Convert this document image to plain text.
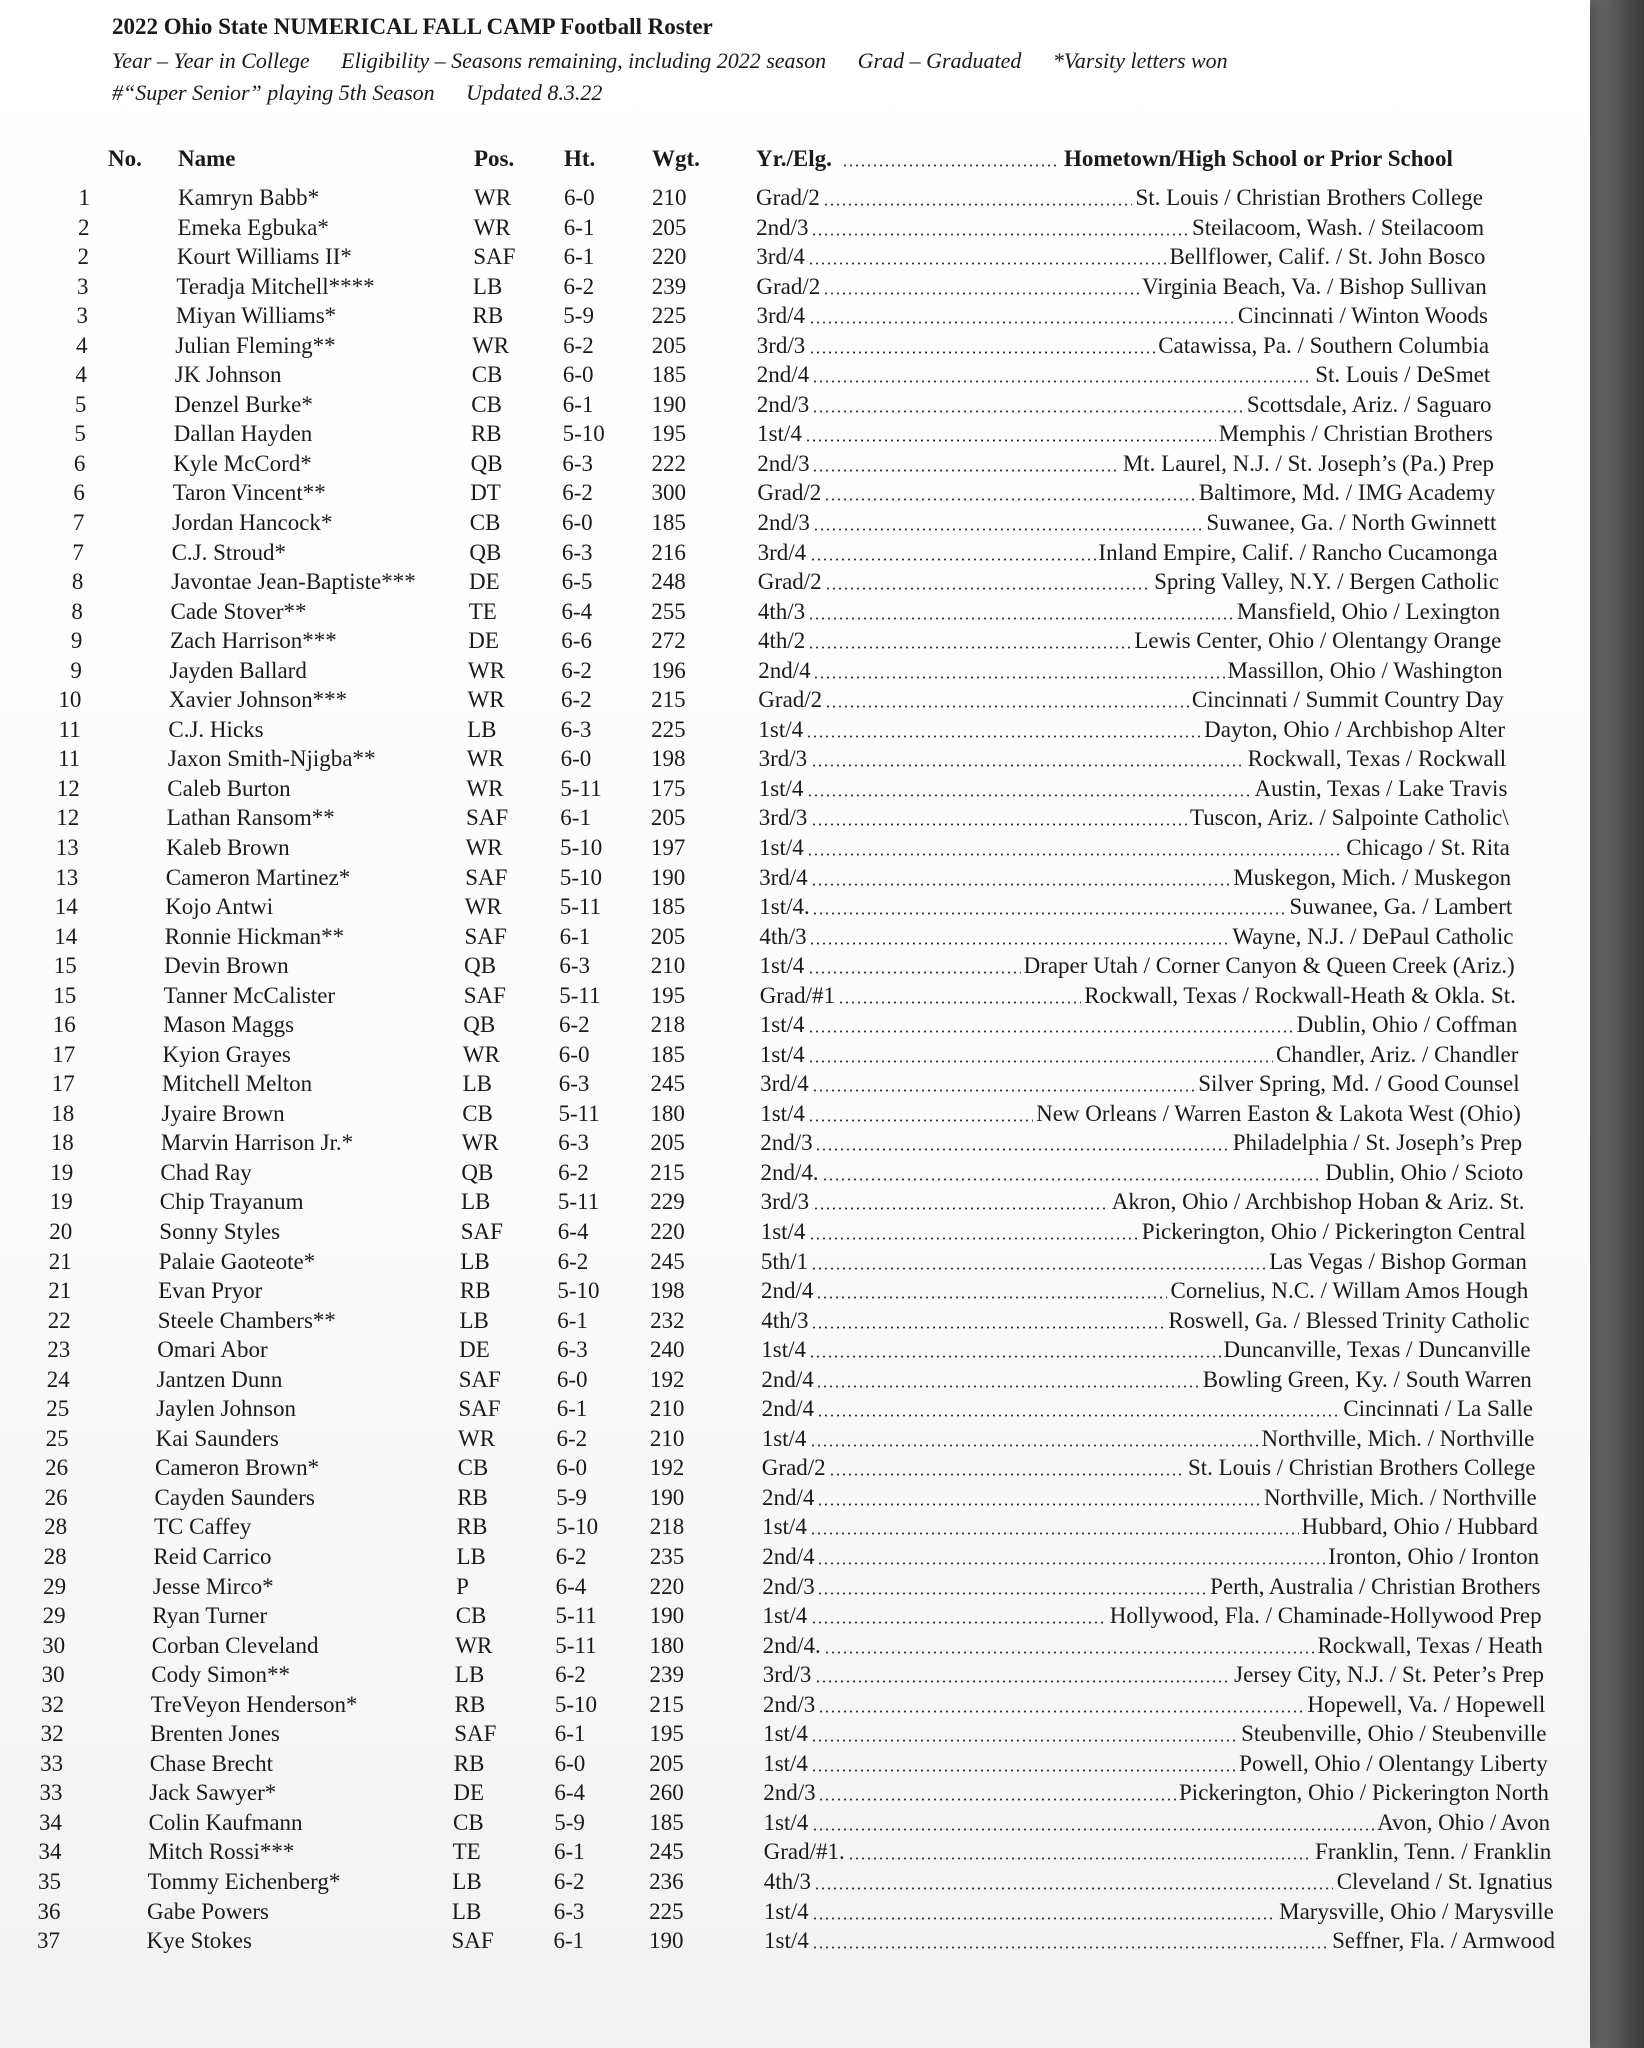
2022 Ohio State NUMERICAL FALL CAMP Football Roster
Year – Year in College Eligibility – Seasons remaining, including 2022 season Grad – Graduated *Varsity letters won
#“Super Senior” playing 5th Season Updated 8.3.22
No. Name	Pos. Ht. Wgt. Yr./Elg.	Hometown/High School or Prior School
1	Kamryn Babb*	WR 6-0 210	Grad/2	St. Louis / Christian Brothers College
2	Emeka Egbuka*	WR 6-1 205	2nd/3	Steilacoom, Wash. / Steilacoom
2	Kourt Williams II*	SAF 6-1	220	3rd/4	Bellflower, Calif. / St. John Bosco
3	Teradja Mitchell****	LB	6-2	239	Grad/2	Virginia Beach, Va. / Bishop Sullivan
3	Miyan Williams*	RB	5-9	225	3rd/4	Cincinnati / Winton Woods
4	Julian Fleming**	WR 6-2	205	3rd/3	Catawissa, Pa. / Southern Columbia
4	JK Johnson	CB	6-0	185	2nd/4	St. Louis / DeSmet
5	Denzel Burke*	CB	6-1	190	2nd/3	Scottsdale, Ariz. / Saguaro
5	Dallan Hayden	RB	5-10 195	1st/4	Memphis / Christian Brothers
6	Kyle McCord*	QB	6-3	222	2nd/3	Mt. Laurel, N.J. / St. Joseph’s (Pa.) Prep
6	Taron Vincent**	DT	6-2	300	Grad/2	Baltimore, Md. / IMG Academy
7	Jordan Hancock*	CB	6-0	185	2nd/3	Suwanee, Ga. / North Gwinnett
7	C.J. Stroud*	QB	6-3	216	3rd/4	Inland Empire, Calif. / Rancho Cucamonga
8	Javontae Jean-Baptiste*** DE	6-5	248	Grad/2	Spring Valley, N.Y. / Bergen Catholic
8	Cade Stover**	TE	6-4	255	4th/3	Mansfield, Ohio / Lexington
9	Zach Harrison***	DE	6-6	272	4th/2	Lewis Center, Ohio / Olentangy Orange
9	Jayden Ballard	WR 6-2	196	2nd/4	Massillon, Ohio / Washington
10	Xavier Johnson***	WR 6-2	215	Grad/2	Cincinnati / Summit Country Day
11	C.J. Hicks	LB	6-3	225	1st/4	Dayton, Ohio / Archbishop Alter
11	Jaxon Smith-Njigba**	WR 6-0	198	3rd/3	Rockwall, Texas / Rockwall
12	Caleb Burton	WR 5-11 175	1st/4	Austin, Texas / Lake Travis
12	Lathan Ransom**	SAF 6-1	205	3rd/3	Tuscon, Ariz. / Salpointe Catholic\
13	Kaleb Brown	WR 5-10 197	1st/4	Chicago / St. Rita
13	Cameron Martinez*	SAF 5-10 190	3rd/4	Muskegon, Mich. / Muskegon
14	Kojo Antwi	WR	5-11 185	1st/4.	Suwanee, Ga. / Lambert
14	Ronnie Hickman**	SAF 6-1	205	4th/3	Wayne, N.J. / DePaul Catholic
15	Devin Brown	QB	6-3	210	1st/4	Draper Utah / Corner Canyon & Queen Creek (Ariz.)
15	Tanner McCalister	SAF 5-11 195	Grad/#1	Rockwall, Texas / Rockwall-Heath & Okla. St.
16	Mason Maggs	QB	6-2	218	1st/4	Dublin, Ohio / Coffman
17	Kyion Grayes	WR	6-0	185	1st/4	Chandler, Ariz. / Chandler
17	Mitchell Melton	LB	6-3	245	3rd/4	Silver Spring, Md. / Good Counsel
18	Jyaire Brown	CB	5-11 180	1st/4	New Orleans / Warren Easton & Lakota West (Ohio)
18	Marvin Harrison Jr.*	WR	6-3	205	2nd/3	Philadelphia / St. Joseph’s Prep
19	Chad Ray	QB	6-2	215	2nd/4.	Dublin, Ohio / Scioto
19	Chip Trayanum	LB	5-11 229	3rd/3	Akron, Ohio / Archbishop Hoban & Ariz. St.
20	Sonny Styles	SAF 6-4	220	1st/4	Pickerington, Ohio / Pickerington Central
21	Palaie Gaoteote*	LB	6-2	245	5th/1	Las Vegas / Bishop Gorman
21	Evan Pryor	RB	5-10 198	2nd/4	Cornelius, N.C. / Willam Amos Hough
22	Steele Chambers**	LB	6-1	232	4th/3	Roswell, Ga. / Blessed Trinity Catholic
23	Omari Abor	DE	6-3	240	1st/4	Duncanville, Texas / Duncanville
24	Jantzen Dunn	SAF 6-0	192	2nd/4	Bowling Green, Ky. / South Warren
25	Jaylen Johnson	SAF 6-1	210	2nd/4	Cincinnati / La Salle
25	Kai Saunders	WR	6-2	210	1st/4	Northville, Mich. / Northville
26	Cameron Brown*	CB	6-0	192	Grad/2	St. Louis / Christian Brothers College
26	Cayden Saunders	RB	5-9	190	2nd/4	Northville, Mich. / Northville
28	TC Caffey	RB	5-10 218	1st/4	Hubbard, Ohio / Hubbard
28	Reid Carrico	LB	6-2	235	2nd/4	Ironton, Ohio / Ironton
29	Jesse Mirco*	P	6-4	220	2nd/3	Perth, Australia / Christian Brothers
29	Ryan Turner	CB	5-11 190	1st/4	Hollywood, Fla. / Chaminade-Hollywood Prep
30	Corban Cleveland	WR	5-11 180	2nd/4.	Rockwall, Texas / Heath
30	Cody Simon**	LB	6-2	239	3rd/3	Jersey City, N.J. / St. Peter’s Prep
32	TreVeyon Henderson*	RB	5-10 215	2nd/3	Hopewell, Va. / Hopewell
32	Brenten Jones	SAF	6-1	195	1st/4	Steubenville, Ohio / Steubenville
33	Chase Brecht	RB	6-0	205	1st/4	Powell, Ohio / Olentangy Liberty
33	Jack Sawyer*	DE	6-4	260	2nd/3	Pickerington, Ohio / Pickerington North
34	Colin Kaufmann	CB	5-9	185	1st/4	Avon, Ohio / Avon
34	Mitch Rossi***	TE	6-1	245	Grad/#1.	Franklin, Tenn. / Franklin
35	Tommy Eichenberg*	LB	6-2	236	4th/3	Cleveland / St. Ignatius
36	Gabe Powers	LB	6-3	225	1st/4	Marysville, Ohio / Marysville
37	Kye Stokes	SAF	6-1	190	1st/4	Seffner, Fla. / Armwood
